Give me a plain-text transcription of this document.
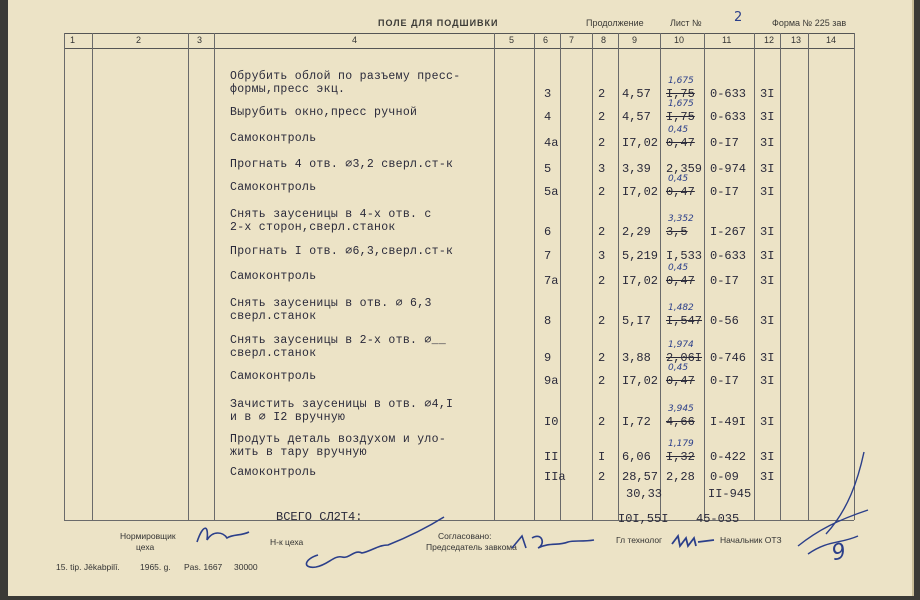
ПОЛЕ ДЛЯ ПОДШИВКИ	Продолжение	Лист № 2	Форма № 225 зав
1	2	3	4	5	6 7	8	9	10	11	12 13	14
Обрубить облой по разъему пресс-
формы,пресс экц.	3	2 4,57 I,75 0-633 3I
1,675
Вырубить окно,пресс ручной	4	2 4,57 I,75 0-633 3I
1,675
Самоконтроль	4a	2 I7,02 0,47 0-I7 3I
0,45
Прогнать 4 отв. ∅3,2 сверл.ст-к	5	3 3,39 2,359 0-974 3I
Самоконтроль	5a	2 I7,02 0,47 0-I7 3I
0,45
Снять заусеницы в 4-х отв. с
2-х сторон,сверл.станок	6	2 2,29 3,5 I-267 3I
3,352
Прогнать I отв. ∅6,3,сверл.ст-к	7	3 5,219 I,533 0-633 3I
Самоконтроль	7a	2 I7,02 0,47 0-I7 3I
0,45
Снять заусеницы в отв. ∅ 6,3
сверл.станок	8	2 5,I7 I,547 0-56 3I
1,482
Снять заусеницы в 2-х отв. ∅__
сверл.станок	9	2 3,88 2,06I 0-746 3I
1,974
Самоконтроль	9a	2 I7,02 0,47 0-I7 3I
0,45
Зачистить заусеницы в отв. ∅4,I
и в ∅ I2 вручную	I0	2 I,72 4,66 I-49I 3I
3,945
Продуть деталь воздухом и уло-
жить в тару вручную	II	I 6,06 I,32 0-422 3I
1,179
Самоконтроль	IIa	2 28,57 2,28 0-09 3I
30,33	II-945
ВСЕГО СЛ2Т4:	I0I,55I 45-035
Нормировщик
цеха	Н-к цеха
Согласовано:
Председатель завкома
Гл технолог	Начальник ОТЗ
15. tip. Jēkabpilī. 1965. g. Pas. 1667 30000
9
